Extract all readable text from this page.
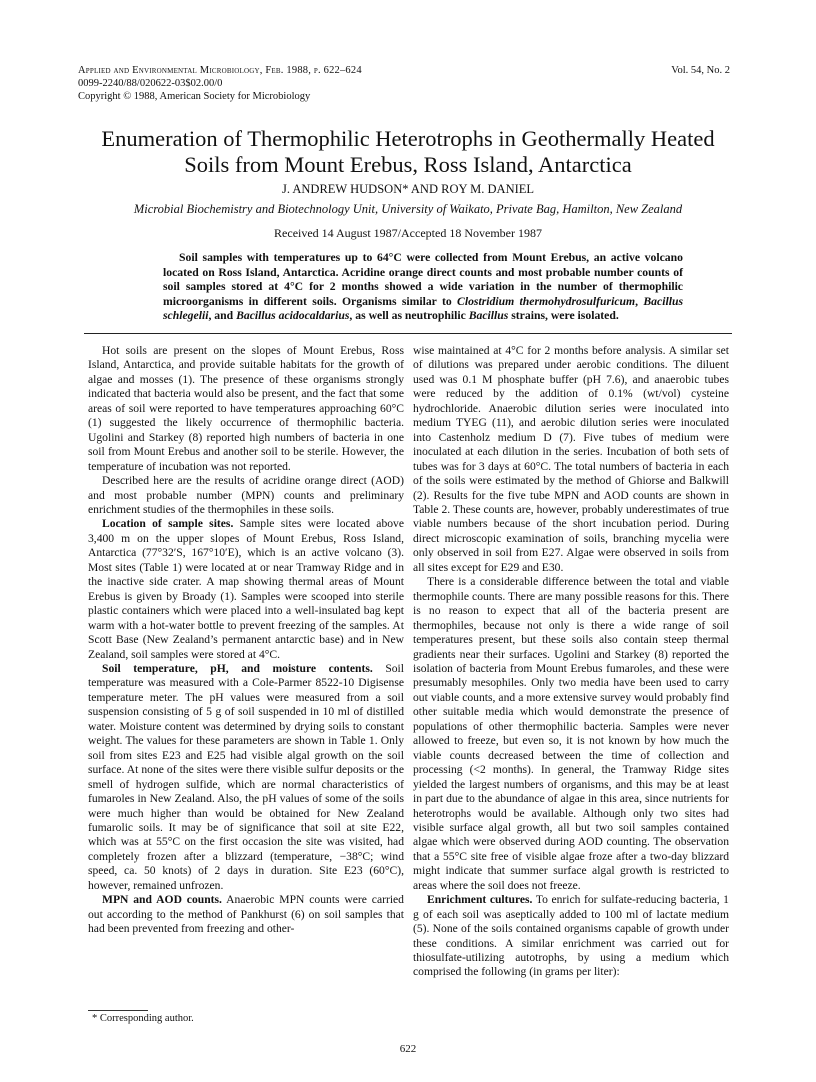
Applied and Environmental Microbiology, Feb. 1988, p. 622–624
0099-2240/88/020622-03$02.00/0
Copyright © 1988, American Society for Microbiology
Vol. 54, No. 2
Enumeration of Thermophilic Heterotrophs in Geothermally Heated
Soils from Mount Erebus, Ross Island, Antarctica
J. ANDREW HUDSON* AND ROY M. DANIEL
Microbial Biochemistry and Biotechnology Unit, University of Waikato, Private Bag, Hamilton, New Zealand
Received 14 August 1987/Accepted 18 November 1987

Soil samples with temperatures up to 64°C were collected from Mount Erebus, an active volcano located on Ross Island, Antarctica. Acridine orange direct counts and most probable number counts of soil samples stored at 4°C for 2 months showed a wide variation in the number of thermophilic microorganisms in different soils. Organisms similar to Clostridium thermohydrosulfuricum, Bacillus schlegelii, and Bacillus acidocaldarius, as well as neutrophilic Bacillus strains, were isolated.

Hot soils are present on the slopes of Mount Erebus, Ross Island, Antarctica, and provide suitable habitats for the growth of algae and mosses (1). The presence of these organisms strongly indicated that bacteria would also be present, and the fact that some areas of soil were reported to have temperatures approaching 60°C (1) suggested the likely occurrence of thermophilic bacteria. Ugolini and Starkey (8) reported high numbers of bacteria in one soil from Mount Erebus and another soil to be sterile. However, the temperature of incubation was not reported.

Described here are the results of acridine orange direct (AOD) and most probable number (MPN) counts and preliminary enrichment studies of the thermophiles in these soils.

Location of sample sites. Sample sites were located above 3,400 m on the upper slopes of Mount Erebus, Ross Island, Antarctica (77°32′S, 167°10′E), which is an active volcano (3). Most sites (Table 1) were located at or near Tramway Ridge and in the inactive side crater. A map showing thermal areas of Mount Erebus is given by Broady (1). Samples were scooped into sterile plastic containers which were placed into a well-insulated bag kept warm with a hot-water bottle to prevent freezing of the samples. At Scott Base (New Zealand’s permanent antarctic base) and in New Zealand, soil samples were stored at 4°C.

Soil temperature, pH, and moisture contents. Soil temperature was measured with a Cole-Parmer 8522-10 Digisense temperature meter. The pH values were measured from a soil suspension consisting of 5 g of soil suspended in 10 ml of distilled water. Moisture content was determined by drying soils to constant weight. The values for these parameters are shown in Table 1. Only soil from sites E23 and E25 had visible algal growth on the soil surface. At none of the sites were there visible sulfur deposits or the smell of hydrogen sulfide, which are normal characteristics of fumaroles in New Zealand. Also, the pH values of some of the soils were much higher than would be obtained for New Zealand fumarolic soils. It may be of significance that soil at site E22, which was at 55°C on the first occasion the site was visited, had completely frozen after a blizzard (temperature, −38°C; wind speed, ca. 50 knots) of 2 days in duration. Site E23 (60°C), however, remained unfrozen.

MPN and AOD counts. Anaerobic MPN counts were carried out according to the method of Pankhurst (6) on soil samples that had been prevented from freezing and other-

wise maintained at 4°C for 2 months before analysis. A similar set of dilutions was prepared under aerobic conditions. The diluent used was 0.1 M phosphate buffer (pH 7.6), and anaerobic tubes were reduced by the addition of 0.1% (wt/vol) cysteine hydrochloride. Anaerobic dilution series were inoculated into medium TYEG (11), and aerobic dilution series were inoculated into Castenholz medium D (7). Five tubes of medium were inoculated at each dilution in the series. Incubation of both sets of tubes was for 3 days at 60°C. The total numbers of bacteria in each of the soils were estimated by the method of Ghiorse and Balkwill (2). Results for the five tube MPN and AOD counts are shown in Table 2. These counts are, however, probably underestimates of true viable numbers because of the short incubation period. During direct microscopic examination of soils, branching mycelia were only observed in soil from E27. Algae were observed in soils from all sites except for E29 and E30.

There is a considerable difference between the total and viable thermophile counts. There are many possible reasons for this. There is no reason to expect that all of the bacteria present are thermophiles, because not only is there a wide range of soil temperatures present, but these soils also contain steep thermal gradients near their surfaces. Ugolini and Starkey (8) reported the isolation of bacteria from Mount Erebus fumaroles, and these were presumably mesophiles. Only two media have been used to carry out viable counts, and a more extensive survey would probably find other suitable media which would demonstrate the presence of populations of other thermophilic bacteria. Samples were never allowed to freeze, but even so, it is not known by how much the viable counts decreased between the time of collection and processing (<2 months). In general, the Tramway Ridge sites yielded the largest numbers of organisms, and this may be at least in part due to the abundance of algae in this area, since nutrients for heterotrophs would be available. Although only two sites had visible surface algal growth, all but two soil samples contained algae which were observed during AOD counting. The observation that a 55°C site free of visible algae froze after a two-day blizzard might indicate that summer surface algal growth is restricted to areas where the soil does not freeze.

Enrichment cultures. To enrich for sulfate-reducing bacteria, 1 g of each soil was aseptically added to 100 ml of lactate medium (5). None of the soils contained organisms capable of growth under these conditions. A similar enrichment was carried out for thiosulfate-utilizing autotrophs, by using a medium which comprised the following (in grams per liter):

* Corresponding author.
622
